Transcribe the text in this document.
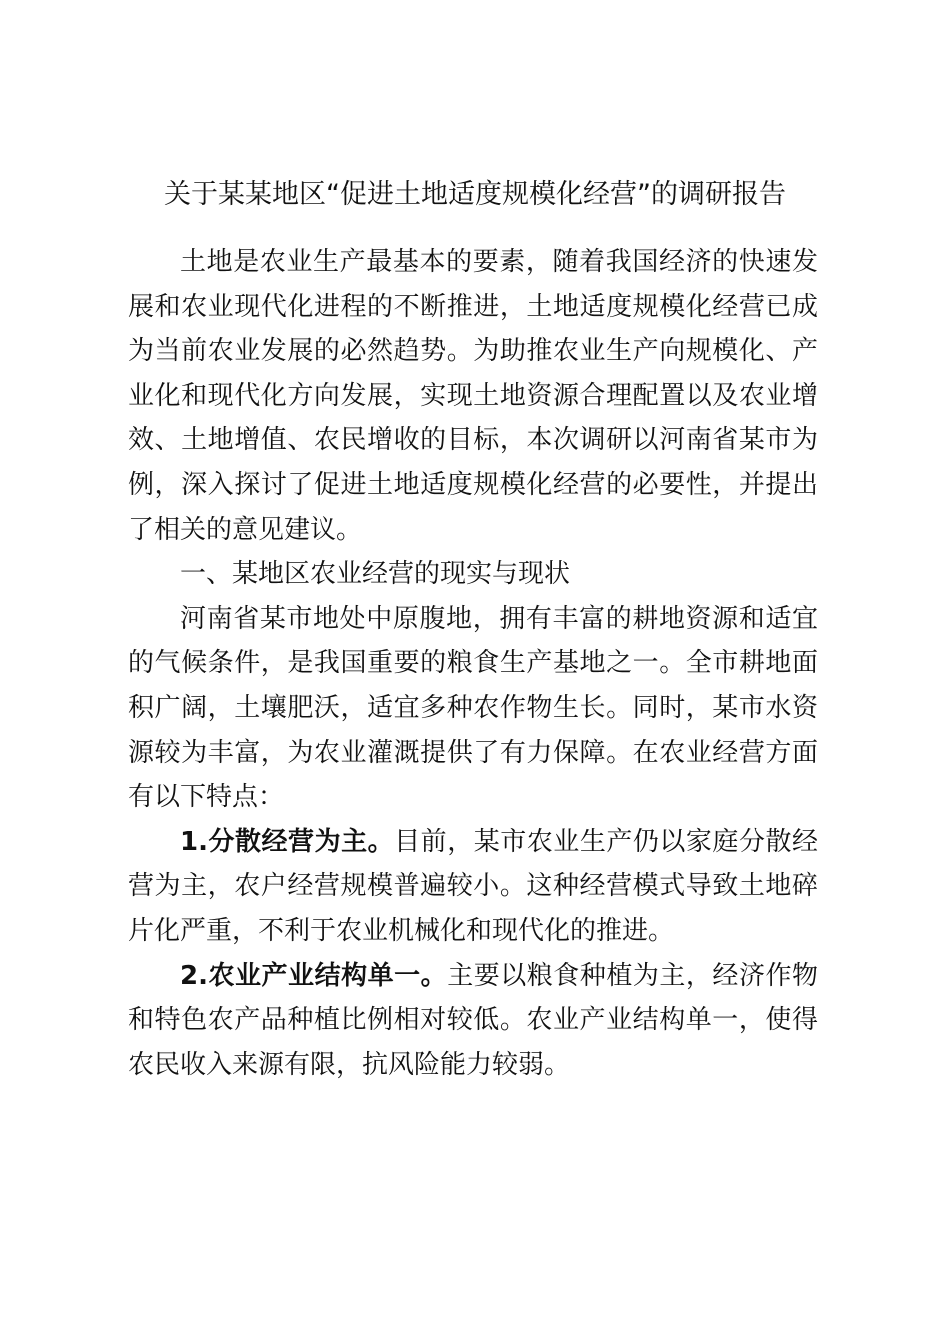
关于某某地区“促进土地适度规模化经营”的调研报告

土地是农业生产最基本的要素，随着我国经济的快速发展和农业现代化进程的不断推进，土地适度规模化经营已成为当前农业发展的必然趋势。为助推农业生产向规模化、产业化和现代化方向发展，实现土地资源合理配置以及农业增效、土地增值、农民增收的目标，本次调研以河南省某市为例，深入探讨了促进土地适度规模化经营的必要性，并提出了相关的意见建议。

一、某地区农业经营的现实与现状

河南省某市地处中原腹地，拥有丰富的耕地资源和适宜的气候条件，是我国重要的粮食生产基地之一。全市耕地面积广阔，土壤肥沃，适宜多种农作物生长。同时，某市水资源较为丰富，为农业灌溉提供了有力保障。在农业经营方面有以下特点：

1.分散经营为主。目前，某市农业生产仍以家庭分散经营为主，农户经营规模普遍较小。这种经营模式导致土地碎片化严重，不利于农业机械化和现代化的推进。

2.农业产业结构单一。主要以粮食种植为主，经济作物和特色农产品种植比例相对较低。农业产业结构单一，使得农民收入来源有限，抗风险能力较弱。
